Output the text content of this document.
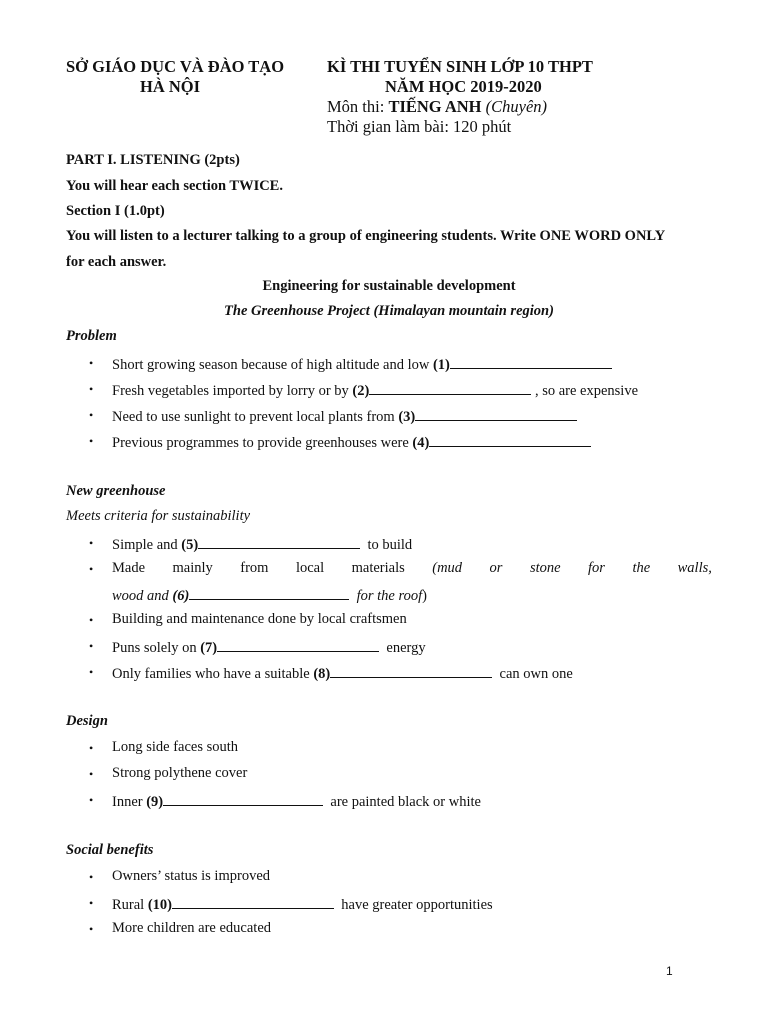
SỞ GIÁO DỤC VÀ ĐÀO TẠO
HÀ NỘI
KÌ THI TUYỂN SINH LỚP 10 THPT
NĂM HỌC 2019-2020
Môn thi: TIẾNG ANH (Chuyên)
Thời gian làm bài: 120 phút
PART I. LISTENING (2pts)
You will hear each section TWICE.
Section I (1.0pt)
You will listen to a lecturer talking to a group of engineering students. Write ONE WORD ONLY
for each answer.
Engineering for sustainable development
The Greenhouse Project (Himalayan mountain region)
Problem
• Short growing season because of high altitude and low (1)
• Fresh vegetables imported by lorry or by (2)	, so are expensive
• Need to use sunlight to prevent local plants from (3)
• Previous programmes to provide greenhouses were (4)
New greenhouse
Meets criteria for sustainability
• Simple and (5)	to build
• Made mainly from local materials (mud or stone for the walls,
wood and (6)	for the roof)
• Building and maintenance done by local craftsmen
• Puns solely on (7)	energy
• Only families who have a suitable (8)	can own one
Design
• Long side faces south
• Strong polythene cover
• Inner (9)	are painted black or white
Social benefits
• Owners’ status is improved
• Rural (10)	have greater opportunities
• More children are educated
1
